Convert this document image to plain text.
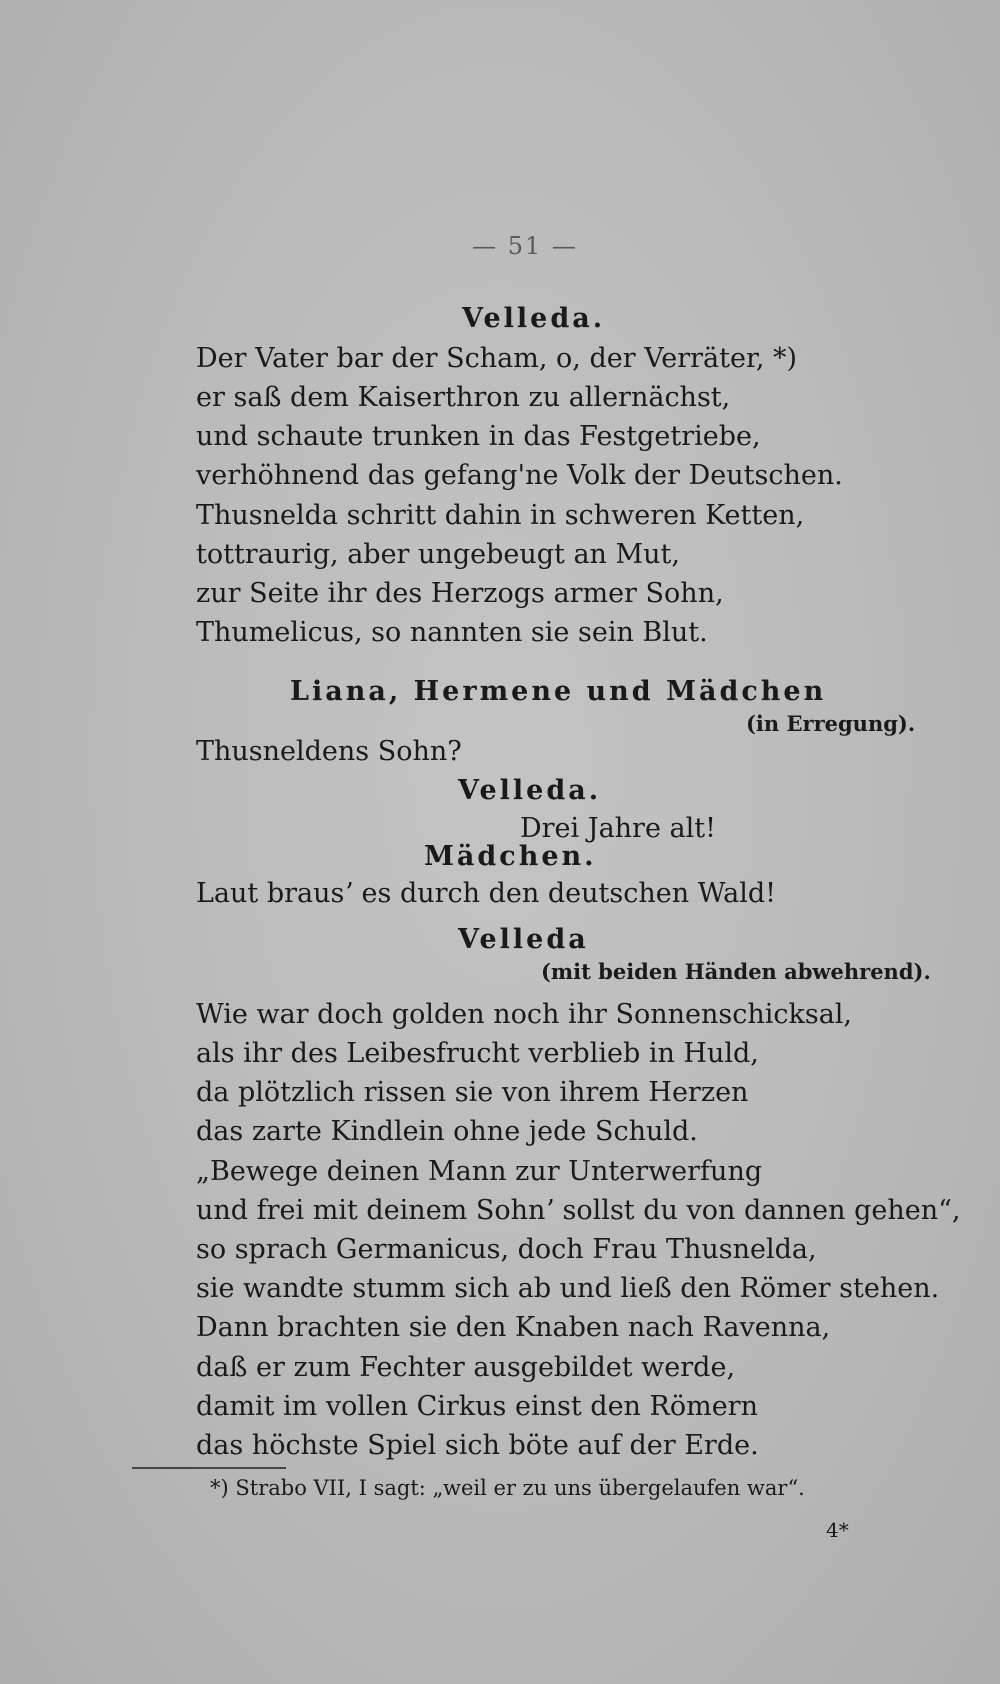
— 51 —
Velleda.
Der Vater bar der Scham, o, der Verräter, *)
er saß dem Kaiserthron zu allernächst,
und schaute trunken in das Festgetriebe,
verhöhnend das gefang'ne Volk der Deutschen.
Thusnelda schritt dahin in schweren Ketten,
tottraurig, aber ungebeugt an Mut,
zur Seite ihr des Herzogs armer Sohn,
Thumelicus, so nannten sie sein Blut.
Liana, Hermene und Mädchen
(in Erregung).
Thusneldens Sohn?
Velleda.
Drei Jahre alt!
Mädchen.
Laut brausʼ es durch den deutschen Wald!
Velleda
(mit beiden Händen abwehrend).
Wie war doch golden noch ihr Sonnenschicksal,
als ihr des Leibesfrucht verblieb in Huld,
da plötzlich rissen sie von ihrem Herzen
das zarte Kindlein ohne jede Schuld.
„Bewege deinen Mann zur Unterwerfung
und frei mit deinem Sohnʼ sollst du von dannen gehen“,
so sprach Germanicus, doch Frau Thusnelda,
sie wandte stumm sich ab und ließ den Römer stehen.
Dann brachten sie den Knaben nach Ravenna,
daß er zum Fechter ausgebildet werde,
damit im vollen Cirkus einst den Römern
das höchste Spiel sich böte auf der Erde.
*) Strabo VII, I sagt: „weil er zu uns übergelaufen war“.
4*
